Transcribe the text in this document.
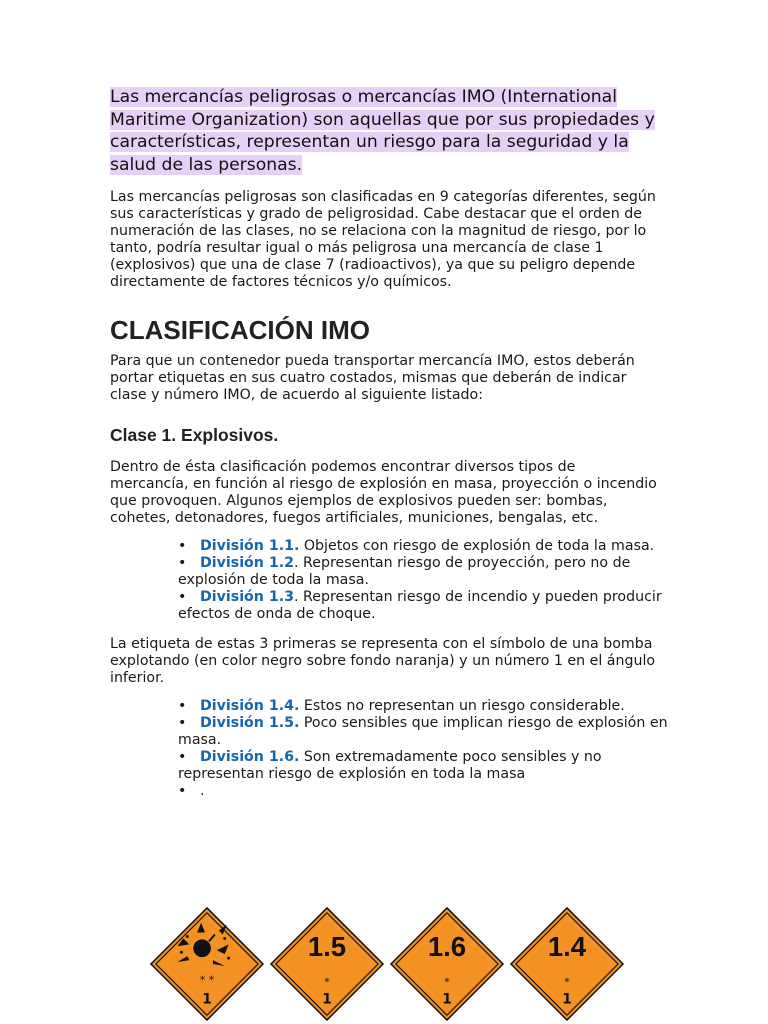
Las mercancías peligrosas o mercancías IMO (International Maritime Organization) son aquellas que por sus propiedades y características, representan un riesgo para la seguridad y la salud de las personas.

Las mercancías peligrosas son clasificadas en 9 categorías diferentes, según sus características y grado de peligrosidad. Cabe destacar que el orden de numeración de las clases, no se relaciona con la magnitud de riesgo, por lo tanto, podría resultar igual o más peligrosa una mercancía de clase 1 (explosivos) que una de clase 7 (radioactivos), ya que su peligro depende directamente de factores técnicos y/o químicos.

CLASIFICACIÓN IMO

Para que un contenedor pueda transportar mercancía IMO, estos deberán portar etiquetas en sus cuatro costados, mismas que deberán de indicar clase y número IMO, de acuerdo al siguiente listado:

Clase 1. Explosivos.

Dentro de ésta clasificación podemos encontrar diversos tipos de mercancía, en función al riesgo de explosión en masa, proyección o incendio que provoquen. Algunos ejemplos de explosivos pueden ser: bombas, cohetes, detonadores, fuegos artificiales, municiones, bengalas, etc.

• División 1.1. Objetos con riesgo de explosión de toda la masa.
• División 1.2. Representan riesgo de proyección, pero no de explosión de toda la masa.
• División 1.3. Representan riesgo de incendio y pueden producir efectos de onda de choque.

La etiqueta de estas 3 primeras se representa con el símbolo de una bomba explotando (en color negro sobre fondo naranja) y un número 1 en el ángulo inferior.

• División 1.4. Estos no representan un riesgo considerable.
• División 1.5. Poco sensibles que implican riesgo de explosión en masa.
• División 1.6. Son extremadamente poco sensibles y no representan riesgo de explosión en toda la masa
• .
* *
1
1.5
*
1
1.6
*
1
1.4
*
1
